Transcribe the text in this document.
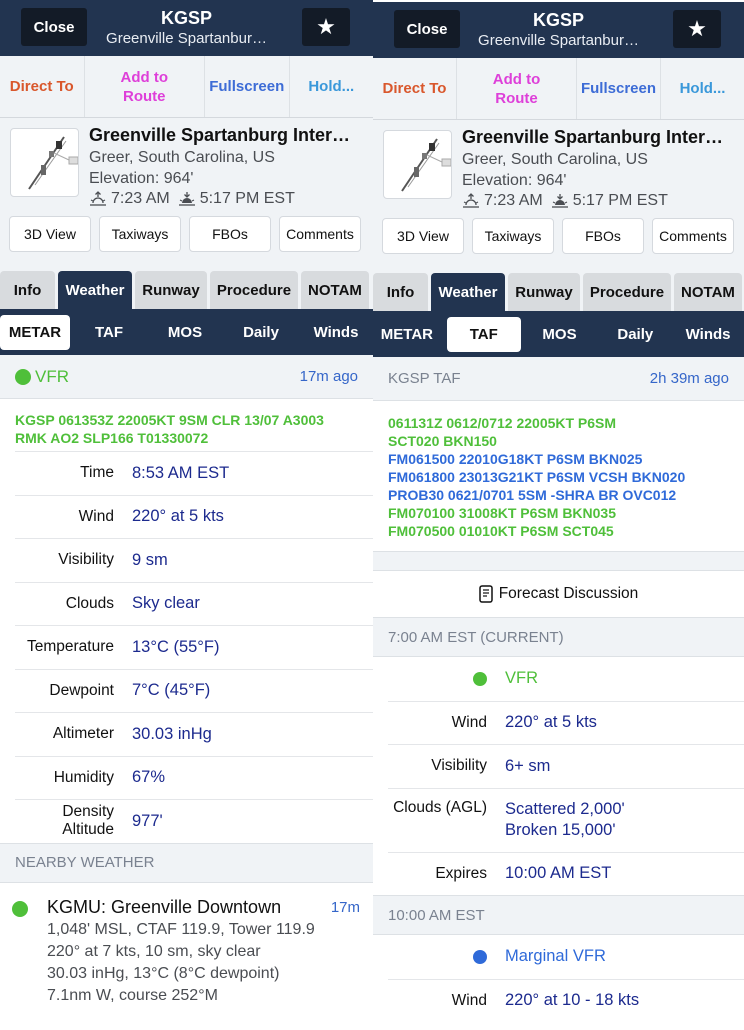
Close	KGSP
Greenville Spartanbur…	★
Direct To
Add to Route
Fullscreen	Hold...
Greenville Spartanburg Inter…
Greer, South Carolina, US
Elevation: 964'
7:23 AM 5:17 PM EST
3D View	Taxiways	FBOs	Comments
Info	Weather	Runway	Procedure	NOTAM
METAR	TAF	MOS	Daily	Winds
VFR	17m ago
KGSP 061353Z 22005KT 9SM CLR 13/07 A3003
RMK AO2 SLP166 T01330072
Time	8:53 AM EST
Wind	220° at 5 kts
Visibility	9 sm
Clouds	Sky clear
Temperature	13°C (55°F)
Dewpoint	7°C (45°F)
Altimeter	30.03 inHg
Humidity	67%
Density Altitude	977'
NEARBY WEATHER
KGMU: Greenville Downtown	17m
1,048' MSL, CTAF 119.9, Tower 119.9
220° at 7 kts, 10 sm, sky clear
30.03 inHg, 13°C (8°C dewpoint)
7.1nm W, course 252°M
Close	KGSP
Greenville Spartanbur…	★
Direct To
Add to Route
Fullscreen	Hold...
Greenville Spartanburg Inter…
Greer, South Carolina, US
Elevation: 964'
7:23 AM 5:17 PM EST
3D View	Taxiways	FBOs	Comments
Info	Weather	Runway	Procedure	NOTAM
METAR	TAF	MOS	Daily	Winds
KGSP TAF	2h 39m ago
061131Z 0612/0712 22005KT P6SM
SCT020 BKN150
FM061500 22010G18KT P6SM BKN025
FM061800 23013G21KT P6SM VCSH BKN020
PROB30 0621/0701 5SM -SHRA BR OVC012
FM070100 31008KT P6SM BKN035
FM070500 01010KT P6SM SCT045
Forecast Discussion
7:00 AM EST (CURRENT)
VFR
Wind	220° at 5 kts
Visibility	6+ sm
Clouds (AGL)	Scattered 2,000'
Broken 15,000'
Expires	10:00 AM EST
10:00 AM EST
Marginal VFR
Wind	220° at 10 - 18 kts
